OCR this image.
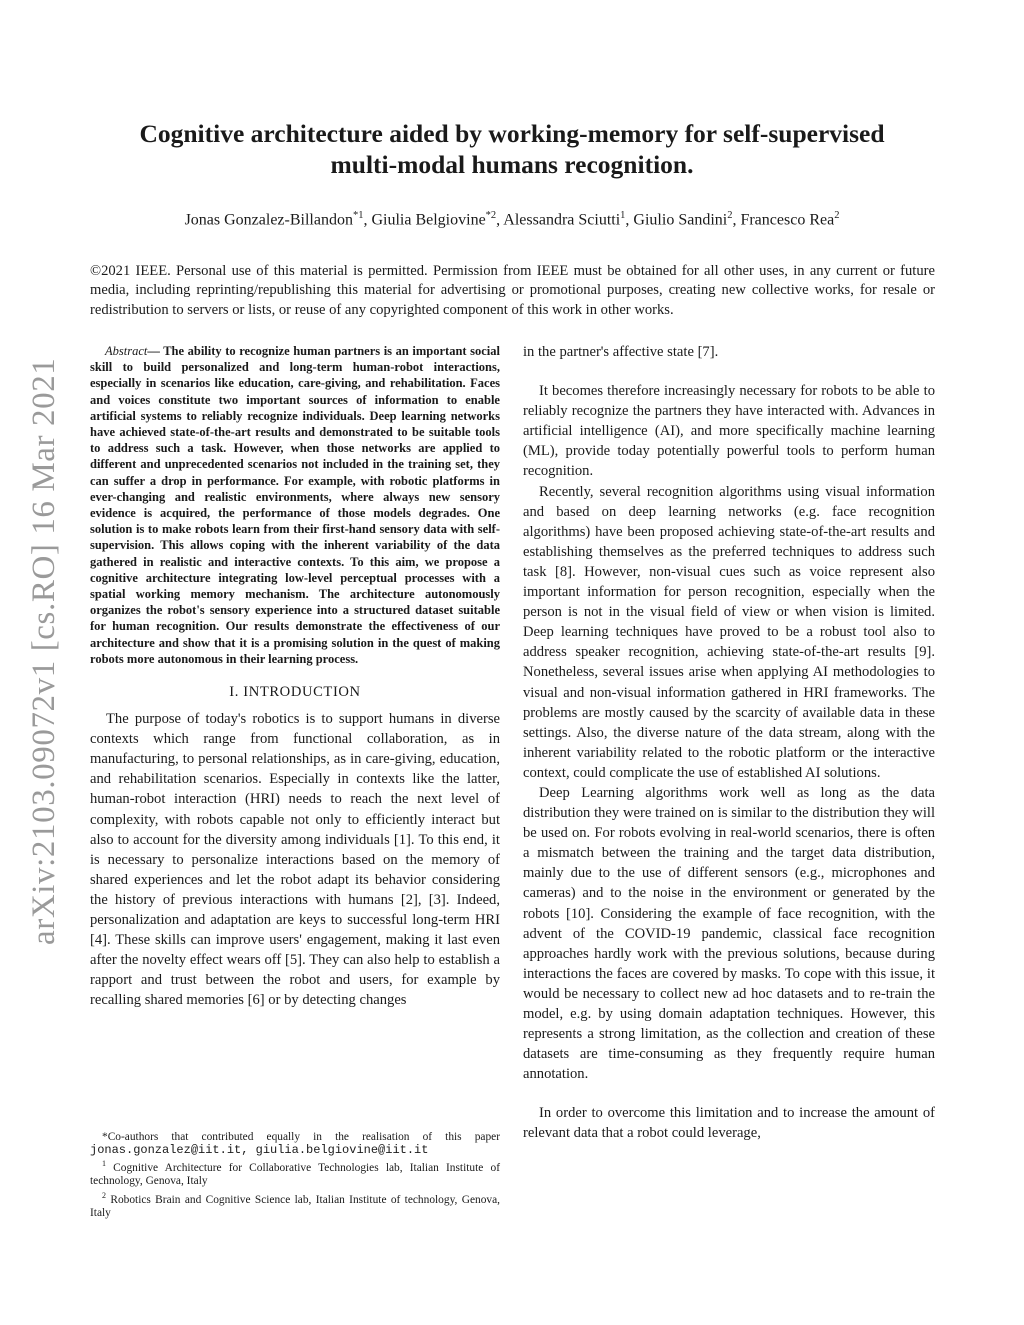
arXiv:2103.09072v1 [cs.RO] 16 Mar 2021
Cognitive architecture aided by working-memory for self-supervised
multi-modal humans recognition.
Jonas Gonzalez-Billandon$^{*1}$, Giulia Belgiovine$^{*2}$, Alessandra Sciutti$^1$, Giulio Sandini$^2$, Francesco Rea$^2$
©2021 IEEE. Personal use of this material is permitted. Permission from IEEE must be obtained for all other uses, in any current or future media, including reprinting/republishing this material for advertising or promotional purposes, creating new collective works, for resale or redistribution to servers or lists, or reuse of any copyrighted component of this work in other works.

Abstract— The ability to recognize human partners is an important social skill to build personalized and long-term human-robot interactions, especially in scenarios like education, care-giving, and rehabilitation. Faces and voices constitute two important sources of information to enable artificial systems to reliably recognize individuals. Deep learning networks have achieved state-of-the-art results and demonstrated to be suitable tools to address such a task. However, when those networks are applied to different and unprecedented scenarios not included in the training set, they can suffer a drop in performance. For example, with robotic platforms in ever-changing and realistic environments, where always new sensory evidence is acquired, the performance of those models degrades. One solution is to make robots learn from their first-hand sensory data with self-supervision. This allows coping with the inherent variability of the data gathered in realistic and interactive contexts. To this aim, we propose a cognitive architecture integrating low-level perceptual processes with a spatial working memory mechanism. The architecture autonomously organizes the robot's sensory experience into a structured dataset suitable for human recognition. Our results demonstrate the effectiveness of our architecture and show that it is a promising solution in the quest of making robots more autonomous in their learning process.

I. INTRODUCTION

The purpose of today's robotics is to support humans in diverse contexts which range from functional collaboration, as in manufacturing, to personal relationships, as in care-giving, education, and rehabilitation scenarios. Especially in contexts like the latter, human-robot interaction (HRI) needs to reach the next level of complexity, with robots capable not only to efficiently interact but also to account for the diversity among individuals [1]. To this end, it is necessary to personalize interactions based on the memory of shared experiences and let the robot adapt its behavior considering the history of previous interactions with humans [2], [3]. Indeed, personalization and adaptation are keys to successful long-term HRI [4]. These skills can improve users' engagement, making it last even after the novelty effect wears off [5]. They can also help to establish a rapport and trust between the robot and users, for example by recalling shared memories [6] or by detecting changes

*Co-authors that contributed equally in the realisation of this paper jonas.gonzalez@iit.it, giulia.belgiovine@iit.it

$^1$ Cognitive Architecture for Collaborative Technologies lab, Italian Institute of technology, Genova, Italy

$^2$ Robotics Brain and Cognitive Science lab, Italian Institute of technology, Genova, Italy

in the partner's affective state [7].

It becomes therefore increasingly necessary for robots to be able to reliably recognize the partners they have interacted with. Advances in artificial intelligence (AI), and more specifically machine learning (ML), provide today potentially powerful tools to perform human recognition.

Recently, several recognition algorithms using visual information and based on deep learning networks (e.g. face recognition algorithms) have been proposed achieving state-of-the-art results and establishing themselves as the preferred techniques to address such task [8]. However, non-visual cues such as voice represent also important information for person recognition, especially when the person is not in the visual field of view or when vision is limited. Deep learning techniques have proved to be a robust tool also to address speaker recognition, achieving state-of-the-art results [9]. Nonetheless, several issues arise when applying AI methodologies to visual and non-visual information gathered in HRI frameworks. The problems are mostly caused by the scarcity of available data in these settings. Also, the diverse nature of the data stream, along with the inherent variability related to the robotic platform or the interactive context, could complicate the use of established AI solutions.

Deep Learning algorithms work well as long as the data distribution they were trained on is similar to the distribution they will be used on. For robots evolving in real-world scenarios, there is often a mismatch between the training and the target data distribution, mainly due to the use of different sensors (e.g., microphones and cameras) and to the noise in the environment or generated by the robots [10]. Considering the example of face recognition, with the advent of the COVID-19 pandemic, classical face recognition approaches hardly work with the previous solutions, because during interactions the faces are covered by masks. To cope with this issue, it would be necessary to collect new ad hoc datasets and to re-train the model, e.g. by using domain adaptation techniques. However, this represents a strong limitation, as the collection and creation of these datasets are time-consuming as they frequently require human annotation.

In order to overcome this limitation and to increase the amount of relevant data that a robot could leverage,
